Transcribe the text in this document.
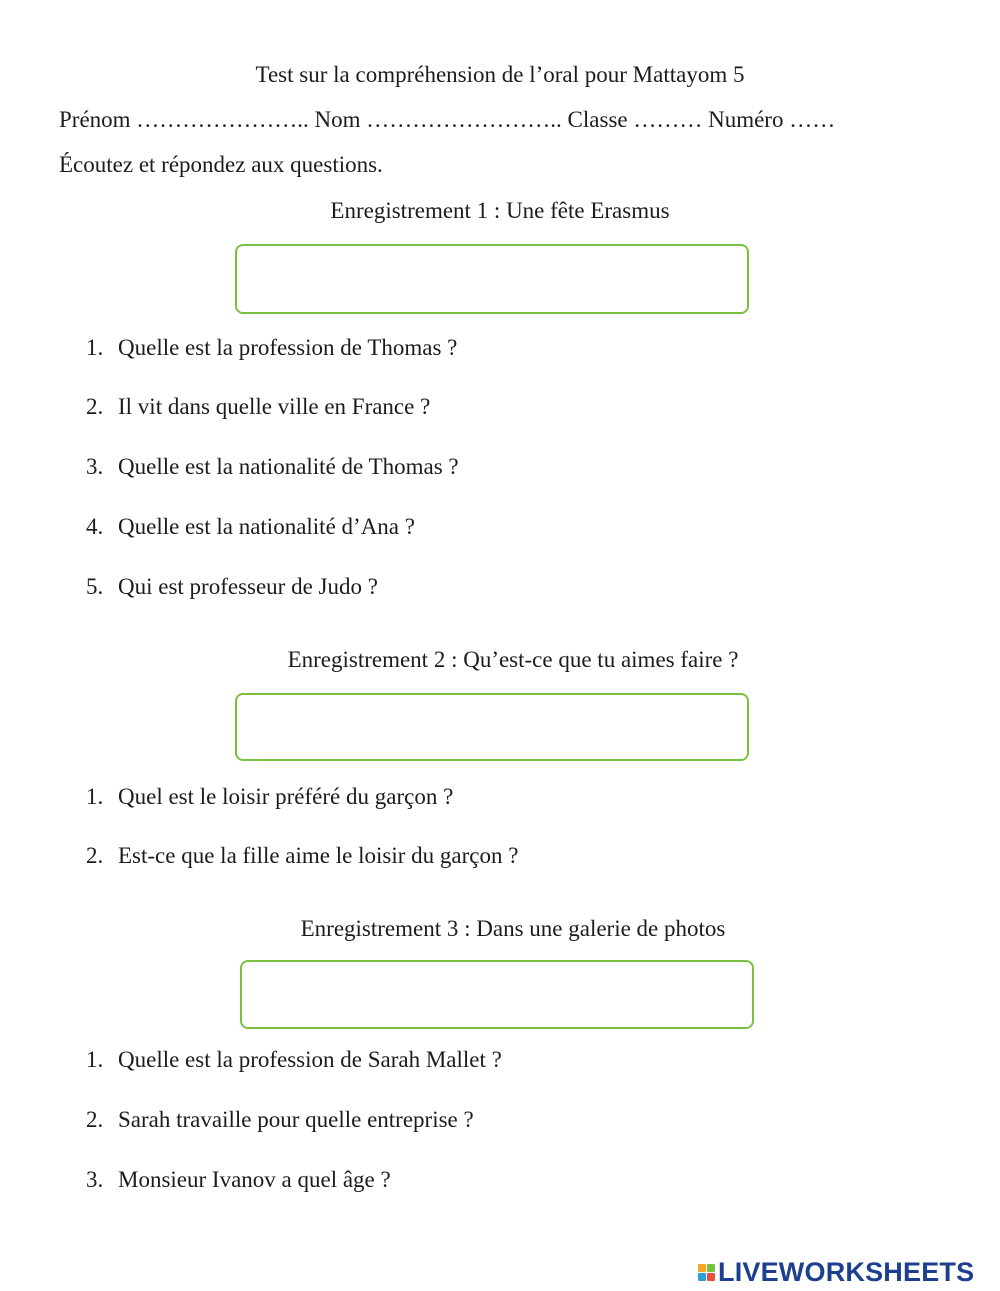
Test sur la compréhension de l’oral pour Mattayom 5
Prénom ………………….. Nom …………………….. Classe ……… Numéro ……
Écoutez et répondez aux questions.
Enregistrement 1 : Une fête Erasmus
1. Quelle est la profession de Thomas ?
2. Il vit dans quelle ville en France ?
3. Quelle est la nationalité de Thomas ?
4. Quelle est la nationalité d’Ana ?
5. Qui est professeur de Judo ?
Enregistrement 2 : Qu’est-ce que tu aimes faire ?
1. Quel est le loisir préféré du garçon ?
2. Est-ce que la fille aime le loisir du garçon ?
Enregistrement 3 : Dans une galerie de photos
1. Quelle est la profession de Sarah Mallet ?
2. Sarah travaille pour quelle entreprise ?
3. Monsieur Ivanov a quel âge ?
LIVEWORKSHEETS
